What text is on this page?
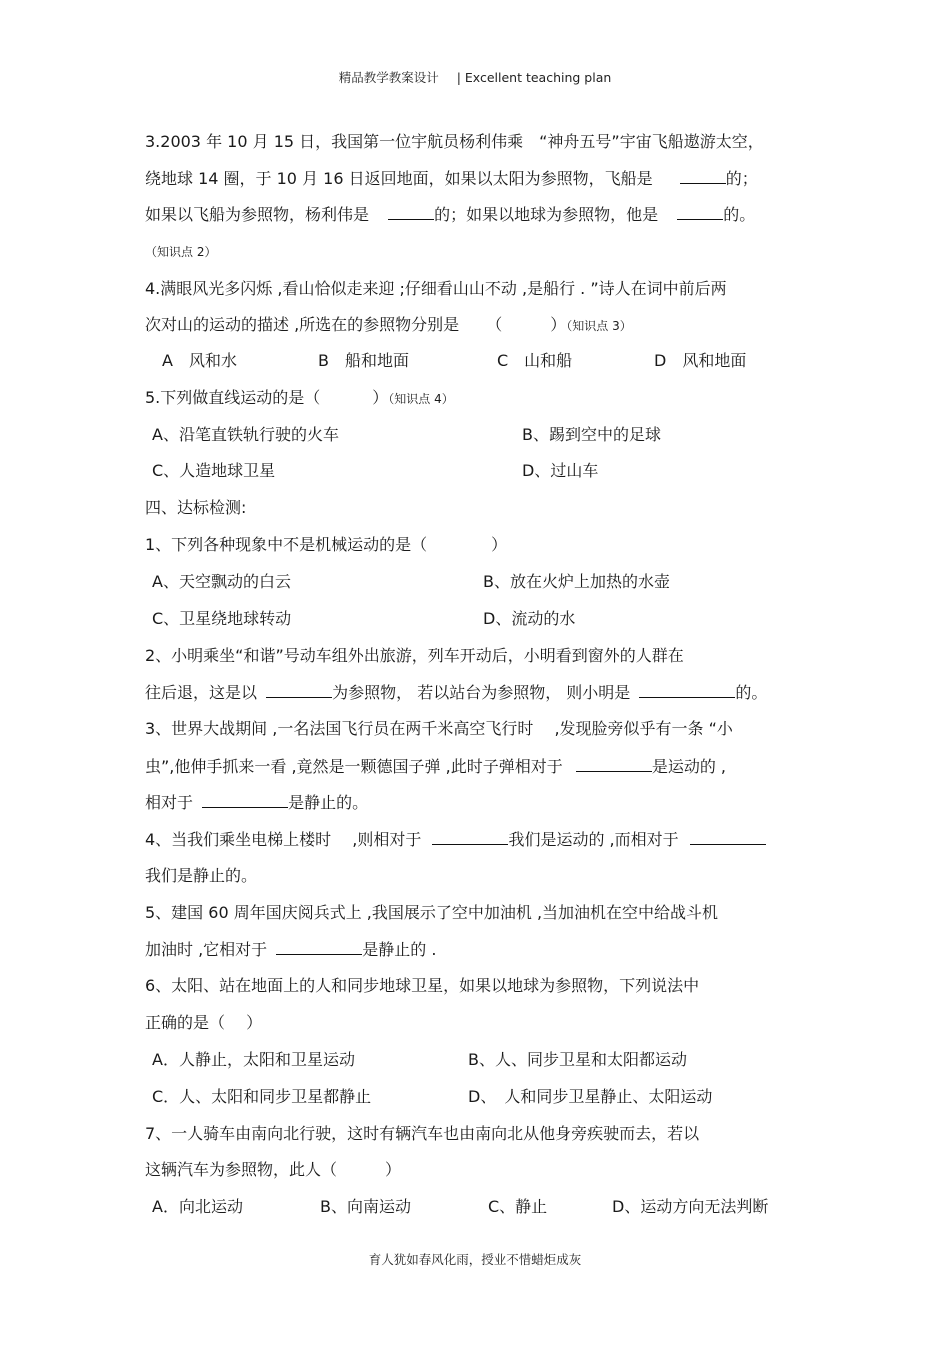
精品教学教案设计 | Excellent teaching plan
3.2003 年 10 月 15 日，我国第一位宇航员杨利伟乘　“神舟五号”宇宙飞船遨游太空，
绕地球 14 圈，于 10 月 16 日返回地面，如果以太阳为参照物，飞船是	的；
如果以飞船为参照物，杨利伟是	的；如果以地球为参照物，他是	的。
（知识点 2）
4.满眼风光多闪烁 ,看山恰似走来迎 ;仔细看山山不动 ,是船行 . ”诗人在词中前后两
次对山的运动的描述 ,所选在的参照物分别是 （　　　）（知识点 3）
A　风和水	B　船和地面	C　山和船	D　风和地面
5.下列做直线运动的是（	）（知识点 4）
A、沿笔直铁轨行驶的火车	B、踢到空中的足球
C、人造地球卫星	D、过山车
四、达标检测:
1、下列各种现象中不是机械运动的是（　　　　）
A、天空飘动的白云	B、放在火炉上加热的水壶
C、卫星绕地球转动	D、流动的水
2、小明乘坐“和谐”号动车组外出旅游，列车开动后，小明看到窗外的人群在
往后退，这是以	为参照物， 若以站台为参照物， 则小明是	的。
3、世界大战期间 ,一名法国飞行员在两千米高空飞行时　 ,发现脸旁似乎有一条 “小
虫”,他伸手抓来一看 ,竟然是一颗德国子弹 ,此时子弹相对于	是运动的 ,
相对于	是静止的。
4、当我们乘坐电梯上楼时　 ,则相对于	我们是运动的 ,而相对于
我们是静止的。
5、建国 60 周年国庆阅兵式上 ,我国展示了空中加油机 ,当加油机在空中给战斗机
加油时 ,它相对于	是静止的 .
6、太阳、站在地面上的人和同步地球卫星，如果以地球为参照物，下列说法中
正确的是（　 ）
A．人静止，太阳和卫星运动	B、人、同步卫星和太阳都运动
C．人、太阳和同步卫星都静止	D、　人和同步卫星静止、太阳运动
7、一人骑车由南向北行驶，这时有辆汽车也由南向北从他身旁疾驶而去，若以
这辆汽车为参照物，此人（　　　）
A．向北运动	B、向南运动	C、静止	D、运动方向无法判断
育人犹如春风化雨，授业不惜蜡炬成灰
